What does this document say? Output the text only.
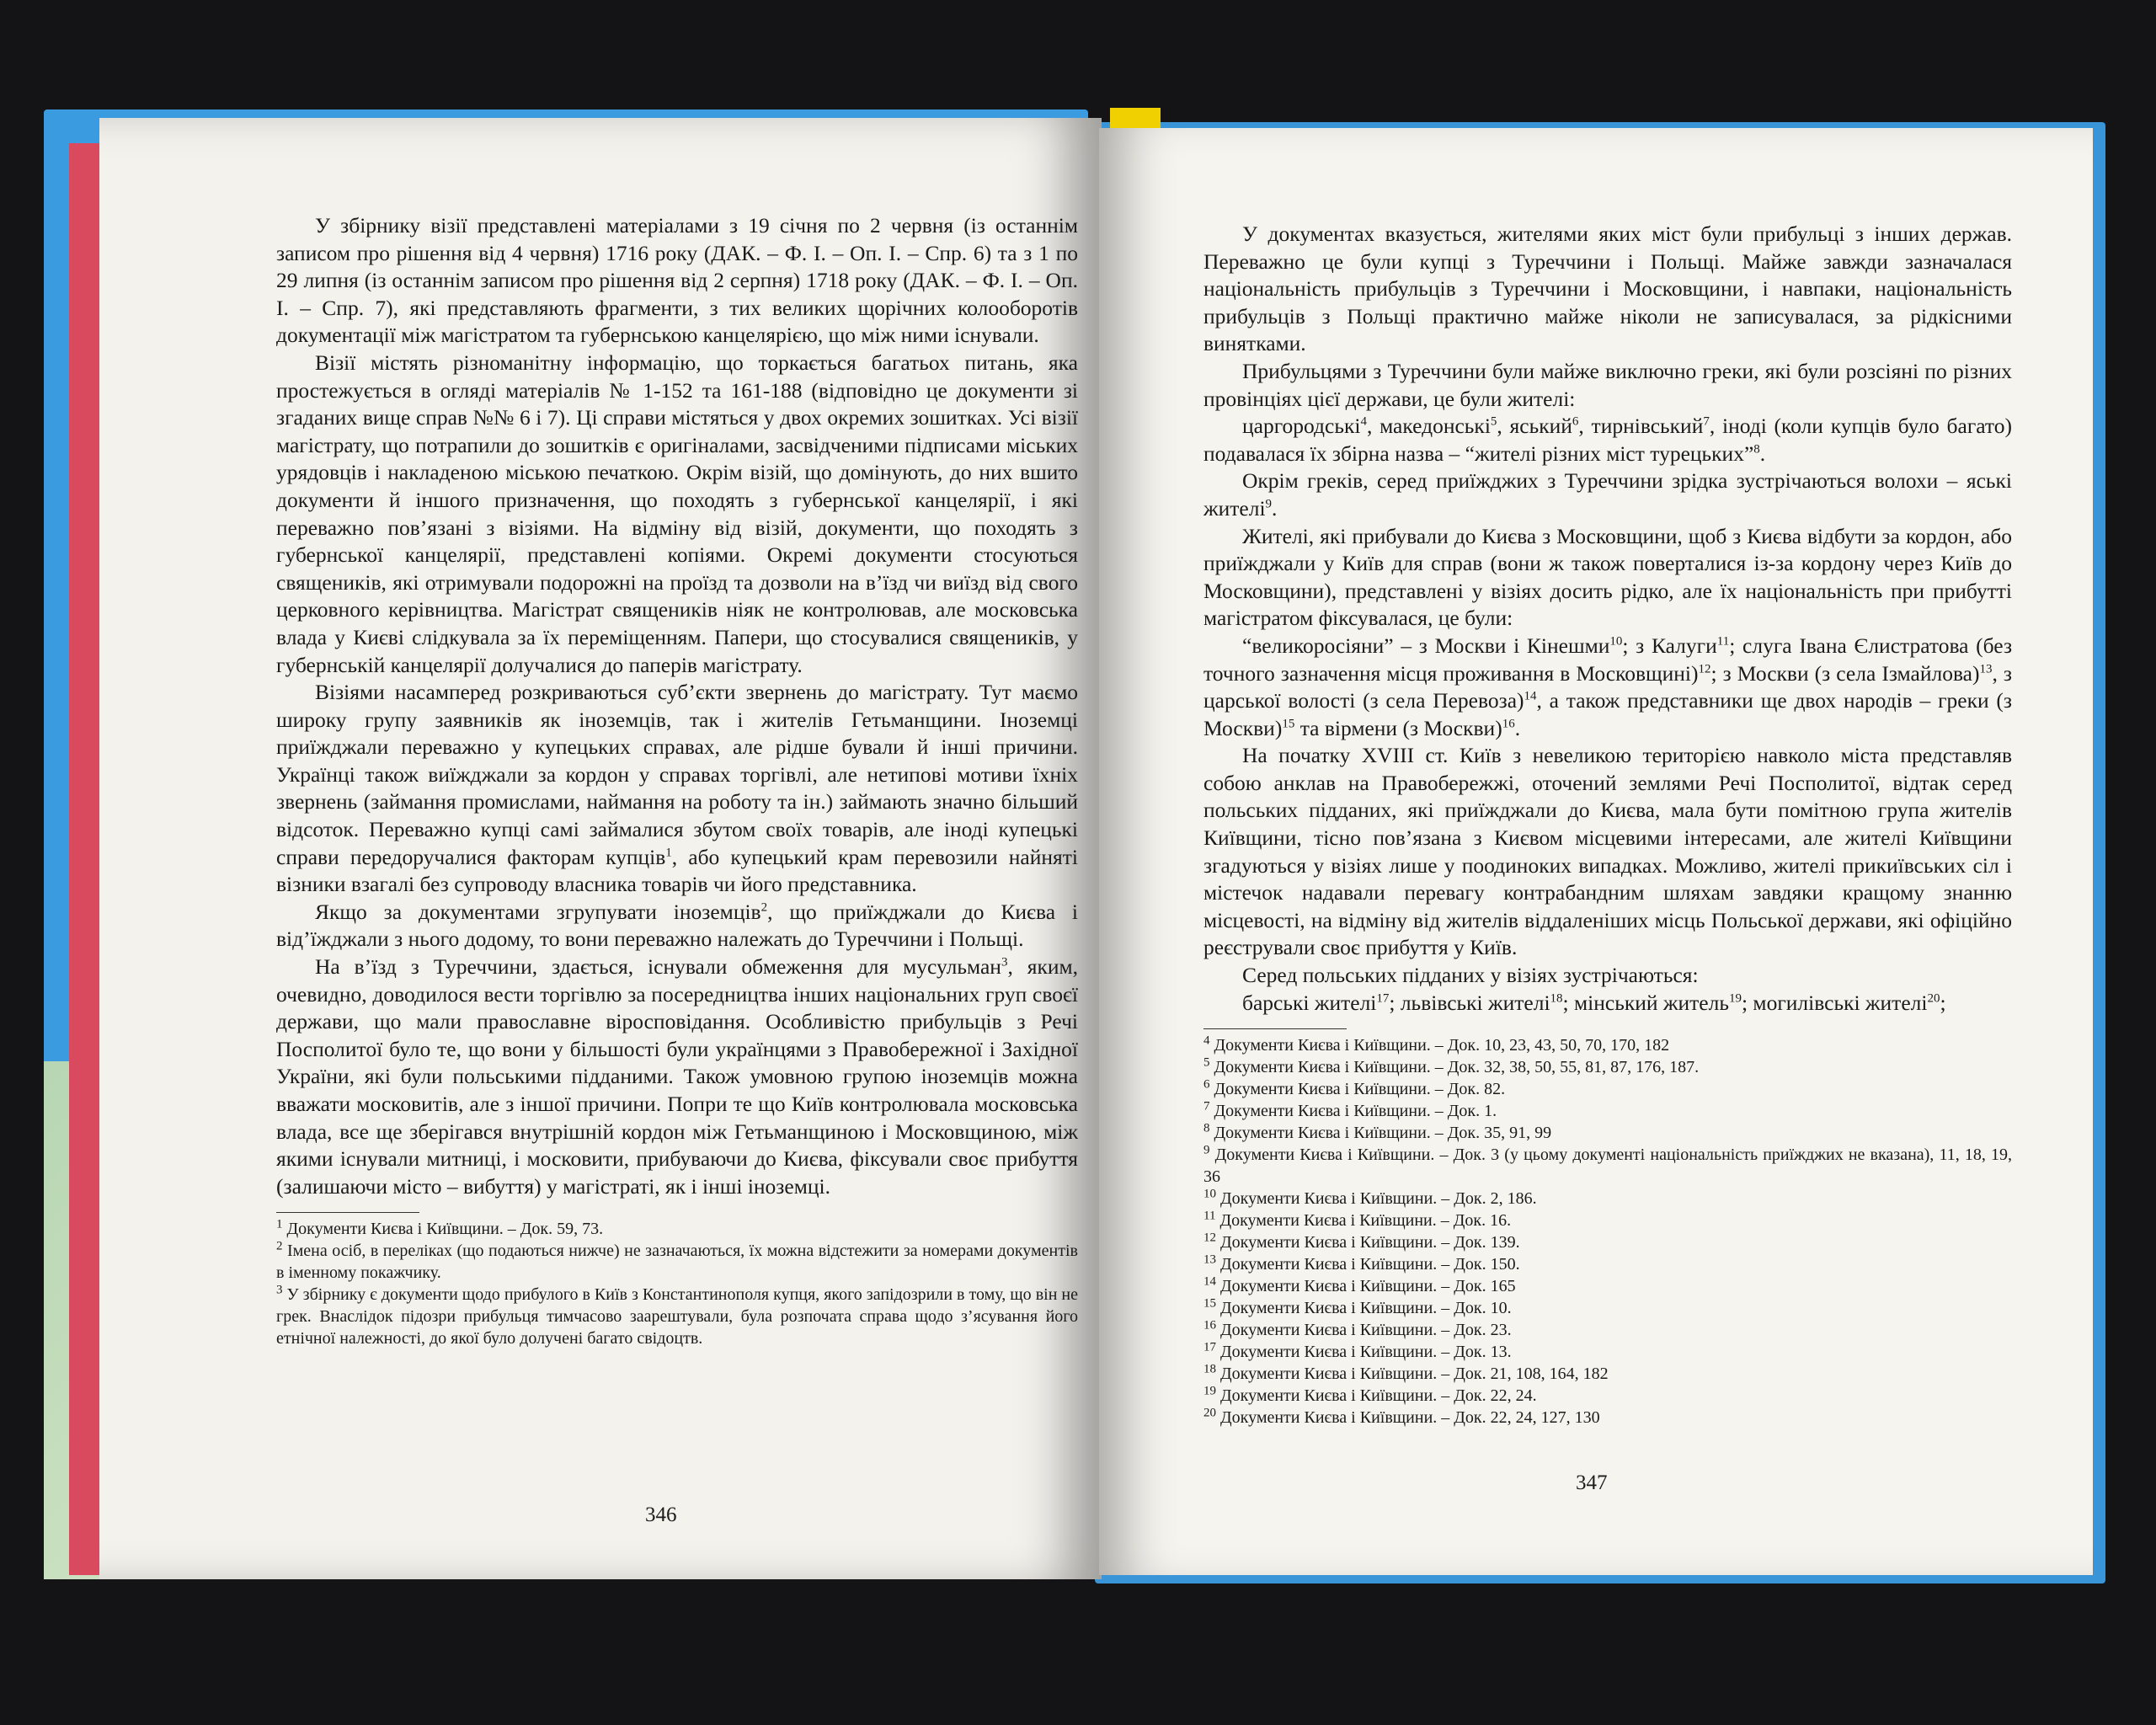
У збірнику візії представлені матеріалами з 19 січня по 2 червня (із останнім записом про рішення від 4 червня) 1716 року (ДАК. – Ф. І. – Оп. І. – Спр. 6) та з 1 по 29 липня (із останнім записом про рішення від 2 серпня) 1718 року (ДАК. – Ф. І. – Оп. І. – Спр. 7), які представляють фрагменти, з тих великих щорічних колооборотів документації між магістратом та губернською канцелярією, що між ними існували.

Візії містять різноманітну інформацію, що торкається багатьох питань, яка простежується в огляді матеріалів № 1-152 та 161-188 (відповідно це документи зі згаданих вище справ №№ 6 і 7). Ці справи містяться у двох окремих зошитках. Усі візії магістрату, що потрапили до зошитків є оригіналами, засвідченими підписами міських урядовців і накладеною міською печаткою. Окрім візій, що домінують, до них вшито документи й іншого призначення, що походять з губернської канцелярії, і які переважно пов’язані з візіями. На відміну від візій, документи, що походять з губернської канцелярії, представлені копіями. Окремі документи стосуються священиків, які отримували подорожні на проїзд та дозволи на в’їзд чи виїзд від свого церковного керівництва. Магістрат священиків ніяк не контролював, але московська влада у Києві слідкувала за їх переміщенням. Папери, що стосувалися священиків, у губернській канцелярії долучалися до паперів магістрату.

Візіями насамперед розкриваються суб’єкти звернень до магістрату. Тут маємо широку групу заявників як іноземців, так і жителів Гетьманщини. Іноземці приїжджали переважно у купецьких справах, але рідше бували й інші причини. Українці також виїжджали за кордон у справах торгівлі, але нетипові мотиви їхніх звернень (займання промислами, наймання на роботу та ін.) займають значно більший відсоток. Переважно купці самі займалися збутом своїх товарів, але іноді купецькі справи передоручалися факторам купців$^1$, або купецький крам перевозили найняті візники взагалі без супроводу власника товарів чи його представника.

Якщо за документами згрупувати іноземців$^2$, що приїжджали до Києва і від’їжджали з нього додому, то вони переважно належать до Туреччини і Польщі.

На в’їзд з Туреччини, здається, існували обмеження для мусульман$^3$, яким, очевидно, доводилося вести торгівлю за посередництва інших національних груп своєї держави, що мали православне віросповідання. Особливістю прибульців з Речі Посполитої було те, що вони у більшості були українцями з Правобережної і Західної України, які були польськими підданими. Також умовною групою іноземців можна вважати московитів, але з іншої причини. Попри те що Київ контролювала московська влада, все ще зберігався внутрішній кордон між Гетьманщиною і Московщиною, між якими існували митниці, і московити, прибуваючи до Києва, фіксували своє прибуття (залишаючи місто – вибуття) у магістраті, як і інші іноземці.

$^1$ Документи Києва і Київщини. – Док. 59, 73.

$^2$ Імена осіб, в переліках (що подаються нижче) не зазначаються, їх можна відстежити за номерами документів в іменному покажчику.

$^3$ У збірнику є документи щодо прибулого в Київ з Константинополя купця, якого запідозрили в тому, що він не грек. Внаслідок підозри прибульця тимчасово заарештували, була розпочата справа щодо з’ясування його етнічної належності, до якої було долучені багато свідоцтв.

346

У документах вказується, жителями яких міст були прибульці з інших держав. Переважно це були купці з Туреччини і Польщі. Майже завжди зазначалася національність прибульців з Туреччини і Московщини, і навпаки, національність прибульців з Польщі практично майже ніколи не записувалася, за рідкісними винятками.

Прибульцями з Туреччини були майже виключно греки, які були розсіяні по різних провінціях цієї держави, це були жителі:

царгородські$^4$, македонські$^5$, яський$^6$, тирнівський$^7$, іноді (коли купців було багато) подавалася їх збірна назва – “жителі різних міст турецьких”$^8$.

Окрім греків, серед приїжджих з Туреччини зрідка зустрічаються волохи – яські жителі$^9$.

Жителі, які прибували до Києва з Московщини, щоб з Києва відбути за кордон, або приїжджали у Київ для справ (вони ж також поверталися із-за кордону через Київ до Московщини), представлені у візіях досить рідко, але їх національність при прибутті магістратом фіксувалася, це були:

“великоросіяни” – з Москви і Кінешми$^{10}$; з Калуги$^{11}$; слуга Івана Єлистратова (без точного зазначення місця проживання в Московщині)$^{12}$; з Москви (з села Ізмайлова)$^{13}$, з царської волості (з села Перевоза)$^{14}$, а також представники ще двох народів – греки (з Москви)$^{15}$ та вірмени (з Москви)$^{16}$.

На початку XVIII ст. Київ з невеликою територією навколо міста представляв собою анклав на Правобережжі, оточений землями Речі Посполитої, відтак серед польських підданих, які приїжджали до Києва, мала бути помітною група жителів Київщини, тісно пов’язана з Києвом місцевими інтересами, але жителі Київщини згадуються у візіях лише у поодиноких випадках. Можливо, жителі прикиївських сіл і містечок надавали перевагу контрабандним шляхам завдяки кращому знанню місцевості, на відміну від жителів віддаленіших місць Польської держави, які офіційно реєстрували своє прибуття у Київ.

Серед польських підданих у візіях зустрічаються:

барські жителі$^{17}$; львівські жителі$^{18}$; мінський житель$^{19}$; могилівські жителі$^{20}$;

$^4$ Документи Києва і Київщини. – Док. 10, 23, 43, 50, 70, 170, 182

$^5$ Документи Києва і Київщини. – Док. 32, 38, 50, 55, 81, 87, 176, 187.

$^6$ Документи Києва і Київщини. – Док. 82.

$^7$ Документи Києва і Київщини. – Док. 1.

$^8$ Документи Києва і Київщини. – Док. 35, 91, 99

$^9$ Документи Києва і Київщини. – Док. 3 (у цьому документі національність приїжджих не вказана), 11, 18, 19, 36

$^{10}$ Документи Києва і Київщини. – Док. 2, 186.

$^{11}$ Документи Києва і Київщини. – Док. 16.

$^{12}$ Документи Києва і Київщини. – Док. 139.

$^{13}$ Документи Києва і Київщини. – Док. 150.

$^{14}$ Документи Києва і Київщини. – Док. 165

$^{15}$ Документи Києва і Київщини. – Док. 10.

$^{16}$ Документи Києва і Київщини. – Док. 23.

$^{17}$ Документи Києва і Київщини. – Док. 13.

$^{18}$ Документи Києва і Київщини. – Док. 21, 108, 164, 182

$^{19}$ Документи Києва і Київщини. – Док. 22, 24.

$^{20}$ Документи Києва і Київщини. – Док. 22, 24, 127, 130

347
